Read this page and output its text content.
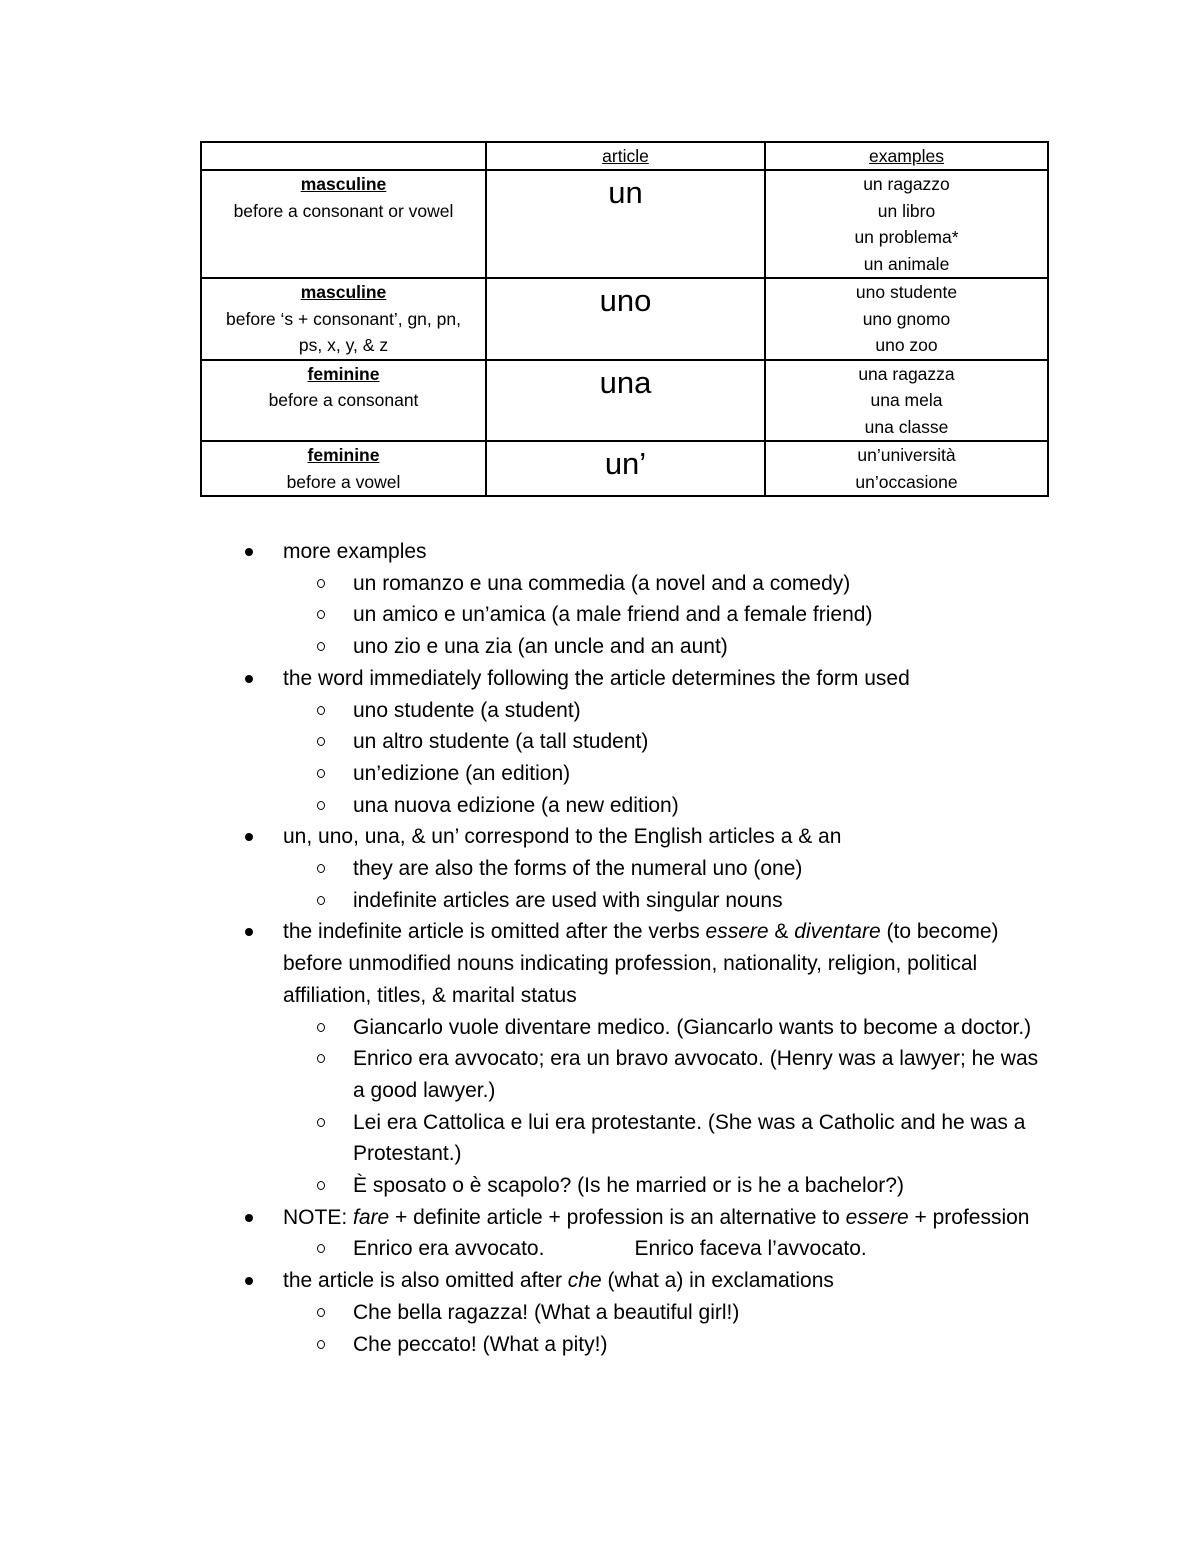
	article	examples

masculine
before a consonant or vowel	un	un ragazzo
un libro
un problema*
un animale

masculine
before ‘s + consonant’, gn, pn,
ps, x, y, & z	uno	uno studente
uno gnomo
uno zoo

feminine
before a consonant	una	una ragazza
una mela
una classe

feminine
before a vowel	un’	un’università
un’occasione
more examples
un romanzo e una commedia (a novel and a comedy)
un amico e un’amica (a male friend and a female friend)
uno zio e una zia (an uncle and an aunt)
the word immediately following the article determines the form used
uno studente (a student)
un altro studente (a tall student)
un’edizione (an edition)
una nuova edizione (a new edition)
un, uno, una, & un’ correspond to the English articles a & an
they are also the forms of the numeral uno (one)
indefinite articles are used with singular nouns
the indefinite article is omitted after the verbs essere & diventare (to become)
before unmodified nouns indicating profession, nationality, religion, political
affiliation, titles, & marital status
Giancarlo vuole diventare medico. (Giancarlo wants to become a doctor.)
Enrico era avvocato; era un bravo avvocato. (Henry was a lawyer; he was
a good lawyer.)
Lei era Cattolica e lui era protestante. (She was a Catholic and he was a
Protestant.)
È sposato o è scapolo? (Is he married or is he a bachelor?)
NOTE: fare + definite article + profession is an alternative to essere + profession
Enrico era avvocato.	Enrico faceva l’avvocato.
the article is also omitted after che (what a) in exclamations
Che bella ragazza! (What a beautiful girl!)
Che peccato! (What a pity!)
